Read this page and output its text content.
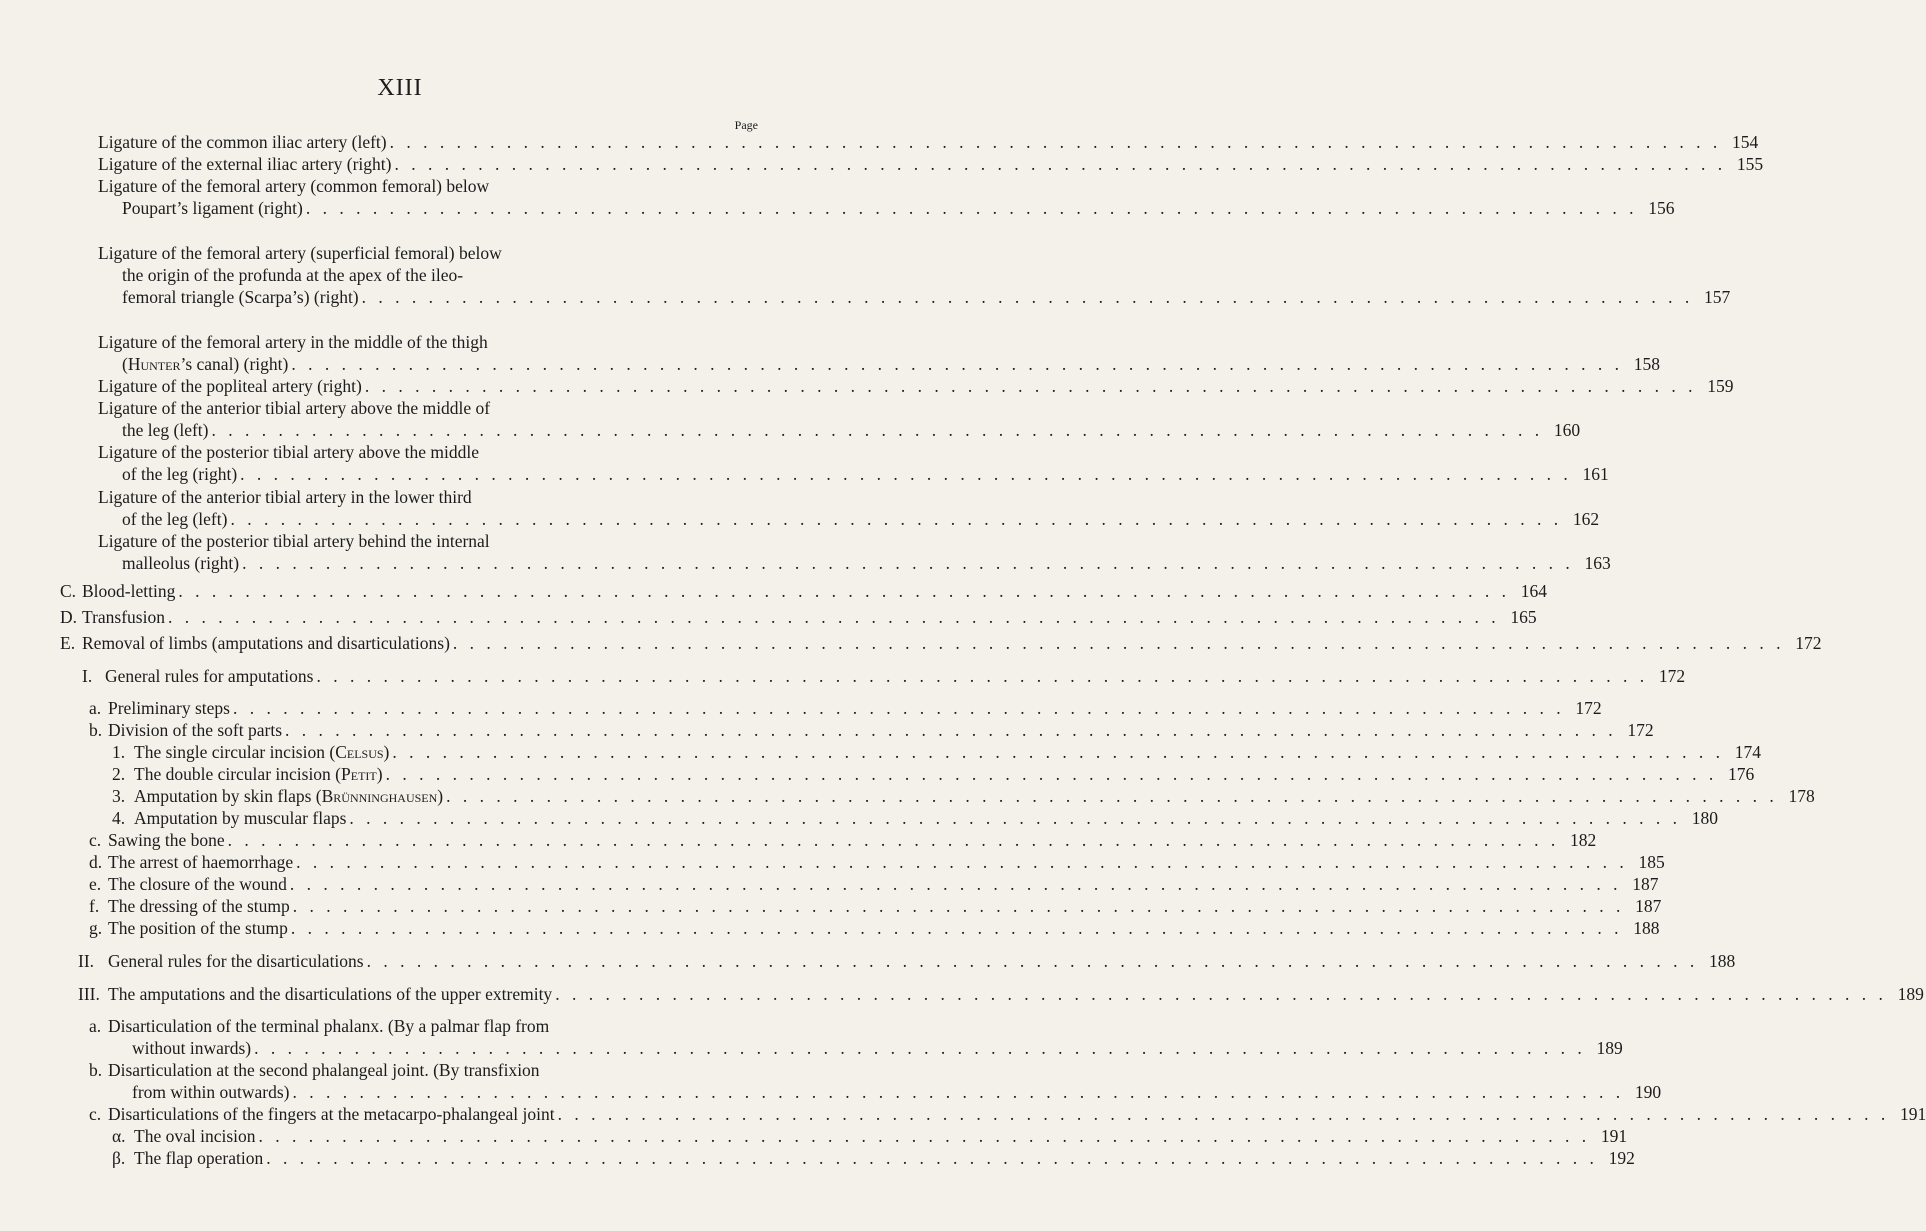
XIII
Page
Ligature of the common iliac artery (left) . . . . . . . . . . . . . . . . . . . . . . . . . . . . . . . . . . . . . . . . . . . . . . . . . . . . . . . . . . . . . . . . . . . . . . . . . . . . . . . . 154
Ligature of the external iliac artery (right) . . . . . . . . . . . . . . . . . . . . . . . . . . . . . . . . . . . . . . . . . . . . . . . . . . . . . . . . . . . . . . . . . . . . . . . . . . . . . . . . 155
Ligature of the femoral artery (common femoral) below
Poupart’s ligament (right) . . . . . . . . . . . . . . . . . . . . . . . . . . . . . . . . . . . . . . . . . . . . . . . . . . . . . . . . . . . . . . . . . . . . . . . . . . . . . . . . 156
Ligature of the femoral artery (superficial femoral) below
the origin of the profunda at the apex of the ileo-
femoral triangle (Scarpa’s) (right) . . . . . . . . . . . . . . . . . . . . . . . . . . . . . . . . . . . . . . . . . . . . . . . . . . . . . . . . . . . . . . . . . . . . . . . . . . . . . . . . 157
Ligature of the femoral artery in the middle of the thigh
(Hunter’s canal) (right) . . . . . . . . . . . . . . . . . . . . . . . . . . . . . . . . . . . . . . . . . . . . . . . . . . . . . . . . . . . . . . . . . . . . . . . . . . . . . . . . 158
Ligature of the popliteal artery (right) . . . . . . . . . . . . . . . . . . . . . . . . . . . . . . . . . . . . . . . . . . . . . . . . . . . . . . . . . . . . . . . . . . . . . . . . . . . . . . . . 159
Ligature of the anterior tibial artery above the middle of
the leg (left) . . . . . . . . . . . . . . . . . . . . . . . . . . . . . . . . . . . . . . . . . . . . . . . . . . . . . . . . . . . . . . . . . . . . . . . . . . . . . . . . 160
Ligature of the posterior tibial artery above the middle
of the leg (right) . . . . . . . . . . . . . . . . . . . . . . . . . . . . . . . . . . . . . . . . . . . . . . . . . . . . . . . . . . . . . . . . . . . . . . . . . . . . . . . . 161
Ligature of the anterior tibial artery in the lower third
of the leg (left) . . . . . . . . . . . . . . . . . . . . . . . . . . . . . . . . . . . . . . . . . . . . . . . . . . . . . . . . . . . . . . . . . . . . . . . . . . . . . . . . 162
Ligature of the posterior tibial artery behind the internal
malleolus (right) . . . . . . . . . . . . . . . . . . . . . . . . . . . . . . . . . . . . . . . . . . . . . . . . . . . . . . . . . . . . . . . . . . . . . . . . . . . . . . . . 163
C. Blood-letting . . . . . . . . . . . . . . . . . . . . . . . . . . . . . . . . . . . . . . . . . . . . . . . . . . . . . . . . . . . . . . . . . . . . . . . . . . . . . . . . 164
D. Transfusion . . . . . . . . . . . . . . . . . . . . . . . . . . . . . . . . . . . . . . . . . . . . . . . . . . . . . . . . . . . . . . . . . . . . . . . . . . . . . . . . 165
E. Removal of limbs (amputations and disarticulations) . . . . . . . . . . . . . . . . . . . . . . . . . . . . . . . . . . . . . . . . . . . . . . . . . . . . . . . . . . . . . . . . . . . . . . . . . . . . . . . . 172
I. General rules for amputations . . . . . . . . . . . . . . . . . . . . . . . . . . . . . . . . . . . . . . . . . . . . . . . . . . . . . . . . . . . . . . . . . . . . . . . . . . . . . . . . 172
a. Preliminary steps . . . . . . . . . . . . . . . . . . . . . . . . . . . . . . . . . . . . . . . . . . . . . . . . . . . . . . . . . . . . . . . . . . . . . . . . . . . . . . . . 172
b. Division of the soft parts . . . . . . . . . . . . . . . . . . . . . . . . . . . . . . . . . . . . . . . . . . . . . . . . . . . . . . . . . . . . . . . . . . . . . . . . . . . . . . . . 172
1. The single circular incision (Celsus) . . . . . . . . . . . . . . . . . . . . . . . . . . . . . . . . . . . . . . . . . . . . . . . . . . . . . . . . . . . . . . . . . . . . . . . . . . . . . . . . 174
2. The double circular incision (Petit) . . . . . . . . . . . . . . . . . . . . . . . . . . . . . . . . . . . . . . . . . . . . . . . . . . . . . . . . . . . . . . . . . . . . . . . . . . . . . . . . 176
3. Amputation by skin flaps (Brünninghausen) . . . . . . . . . . . . . . . . . . . . . . . . . . . . . . . . . . . . . . . . . . . . . . . . . . . . . . . . . . . . . . . . . . . . . . . . . . . . . . . . 178
4. Amputation by muscular flaps . . . . . . . . . . . . . . . . . . . . . . . . . . . . . . . . . . . . . . . . . . . . . . . . . . . . . . . . . . . . . . . . . . . . . . . . . . . . . . . . 180
c. Sawing the bone . . . . . . . . . . . . . . . . . . . . . . . . . . . . . . . . . . . . . . . . . . . . . . . . . . . . . . . . . . . . . . . . . . . . . . . . . . . . . . . . 182
d. The arrest of haemorrhage . . . . . . . . . . . . . . . . . . . . . . . . . . . . . . . . . . . . . . . . . . . . . . . . . . . . . . . . . . . . . . . . . . . . . . . . . . . . . . . . 185
e. The closure of the wound . . . . . . . . . . . . . . . . . . . . . . . . . . . . . . . . . . . . . . . . . . . . . . . . . . . . . . . . . . . . . . . . . . . . . . . . . . . . . . . . 187
f. The dressing of the stump . . . . . . . . . . . . . . . . . . . . . . . . . . . . . . . . . . . . . . . . . . . . . . . . . . . . . . . . . . . . . . . . . . . . . . . . . . . . . . . . 187
g. The position of the stump . . . . . . . . . . . . . . . . . . . . . . . . . . . . . . . . . . . . . . . . . . . . . . . . . . . . . . . . . . . . . . . . . . . . . . . . . . . . . . . . 188
II. General rules for the disarticulations . . . . . . . . . . . . . . . . . . . . . . . . . . . . . . . . . . . . . . . . . . . . . . . . . . . . . . . . . . . . . . . . . . . . . . . . . . . . . . . . 188
III. The amputations and the disarticulations of the upper extremity . . . . . . . . . . . . . . . . . . . . . . . . . . . . . . . . . . . . . . . . . . . . . . . . . . . . . . . . . . . . . . . . . . . . . . . . . . . . . . . . 189
a. Disarticulation of the terminal phalanx. (By a palmar flap from
without inwards) . . . . . . . . . . . . . . . . . . . . . . . . . . . . . . . . . . . . . . . . . . . . . . . . . . . . . . . . . . . . . . . . . . . . . . . . . . . . . . . . 189
b. Disarticulation at the second phalangeal joint. (By transfixion
from within outwards) . . . . . . . . . . . . . . . . . . . . . . . . . . . . . . . . . . . . . . . . . . . . . . . . . . . . . . . . . . . . . . . . . . . . . . . . . . . . . . . . 190
c. Disarticulations of the fingers at the metacarpo-phalangeal joint . . . . . . . . . . . . . . . . . . . . . . . . . . . . . . . . . . . . . . . . . . . . . . . . . . . . . . . . . . . . . . . . . . . . . . . . . . . . . . . . 191
α. The oval incision . . . . . . . . . . . . . . . . . . . . . . . . . . . . . . . . . . . . . . . . . . . . . . . . . . . . . . . . . . . . . . . . . . . . . . . . . . . . . . . . 191
β. The flap operation . . . . . . . . . . . . . . . . . . . . . . . . . . . . . . . . . . . . . . . . . . . . . . . . . . . . . . . . . . . . . . . . . . . . . . . . . . . . . . . . 192
